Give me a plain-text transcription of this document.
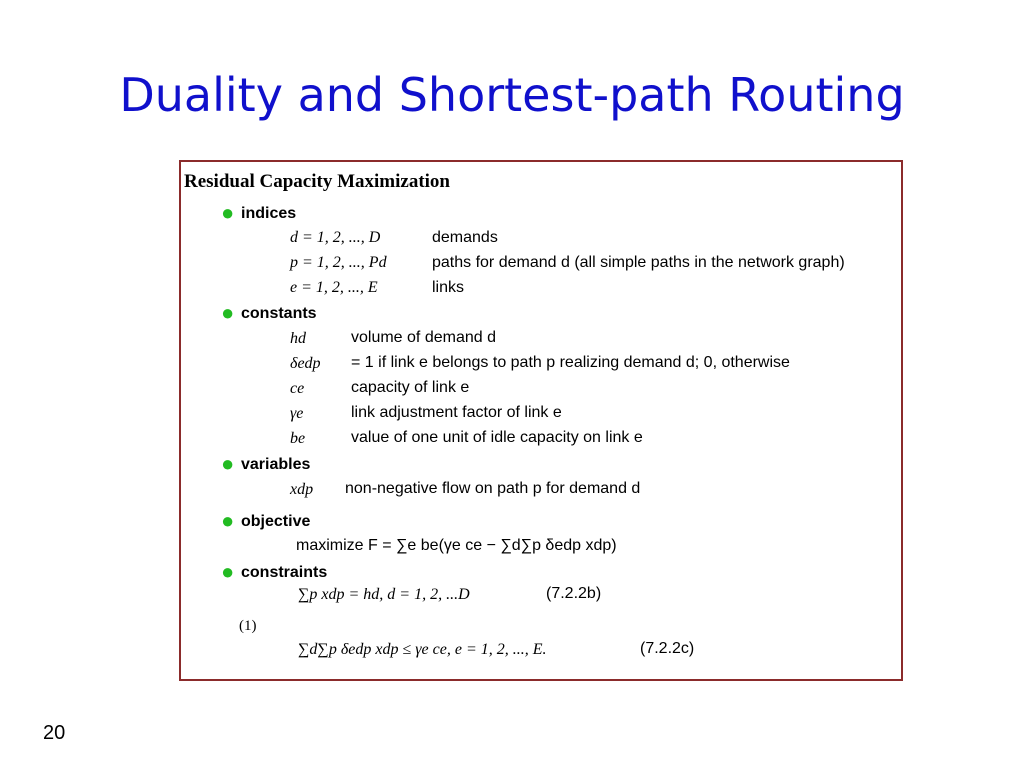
Duality and Shortest-path Routing
Residual Capacity Maximization
● indices
d = 1, 2, ..., D	demands
p = 1, 2, ..., Pd	paths for demand d (all simple paths in the network graph)
e = 1, 2, ..., E	links
● constants
hd	volume of demand d
δedp = 1 if link e belongs to path p realizing demand d; 0, otherwise
ce	capacity of link e
γe	link adjustment factor of link e
be	value of one unit of idle capacity on link e
● variables
xdp non-negative flow on path p for demand d
● objective
maximize F = ∑e be(γe ce − ∑d∑p δedp xdp)
● constraints
∑p xdp = hd, d = 1, 2, ...D	(7.2.2b)
(1)
∑d∑p δedp xdp ≤ γe ce, e = 1, 2, ..., E.	(7.2.2c)
20
